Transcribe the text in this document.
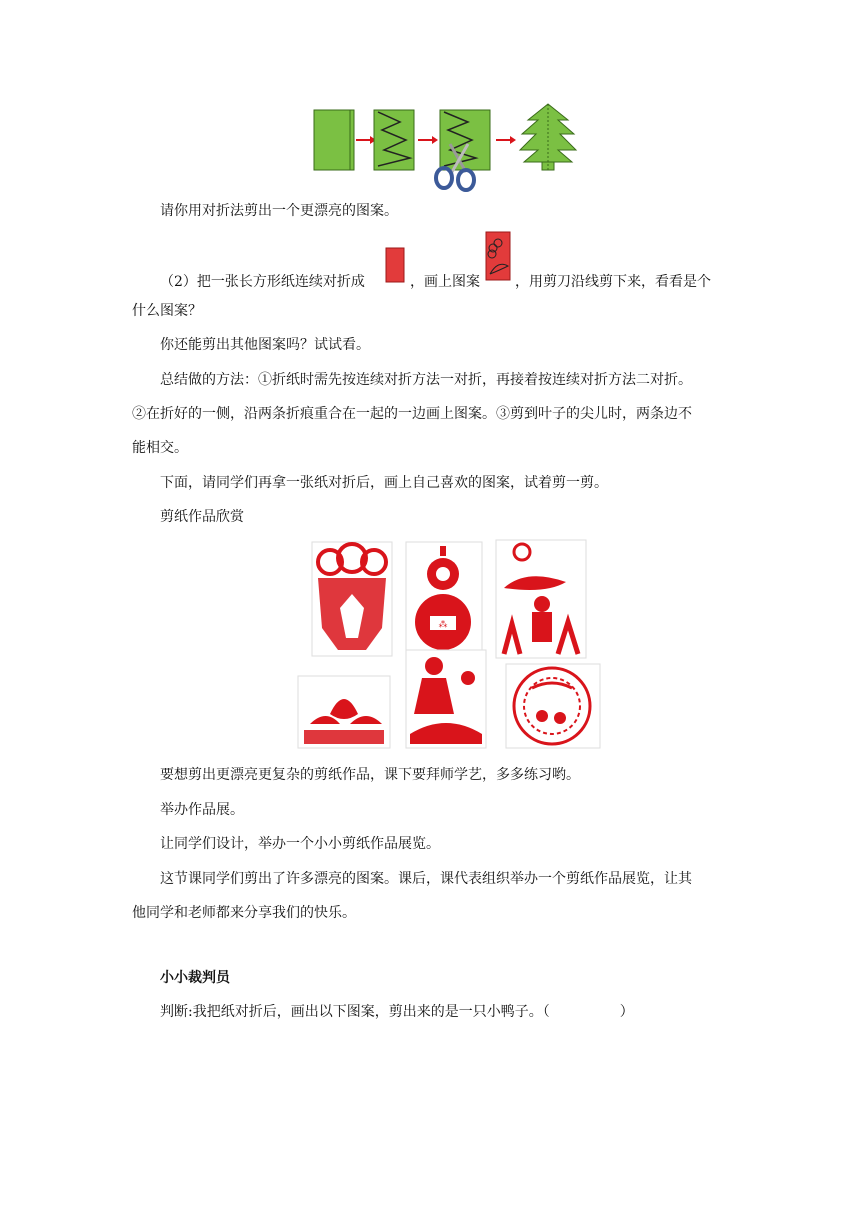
请你用对折法剪出一个更漂亮的图案。

（2）把一张长方形纸连续对折成	，画上图案	，用剪刀沿线剪下来，看看是个

什么图案？

你还能剪出其他图案吗？试试看。

总结做的方法：①折纸时需先按连续对折方法一对折，再接着按连续对折方法二对折。

②在折好的一侧，沿两条折痕重合在一起的一边画上图案。③剪到叶子的尖儿时，两条边不

能相交。

下面，请同学们再拿一张纸对折后，画上自己喜欢的图案，试着剪一剪。

剪纸作品欣赏

⁂

要想剪出更漂亮更复杂的剪纸作品，课下要拜师学艺，多多练习哟。

举办作品展。

让同学们设计，举办一个小小剪纸作品展览。

这节课同学们剪出了许多漂亮的图案。课后，课代表组织举办一个剪纸作品展览，让其

他同学和老师都来分享我们的快乐。

小小裁判员

判断:我把纸对折后，画出以下图案，剪出来的是一只小鸭子。（　　　　　）
